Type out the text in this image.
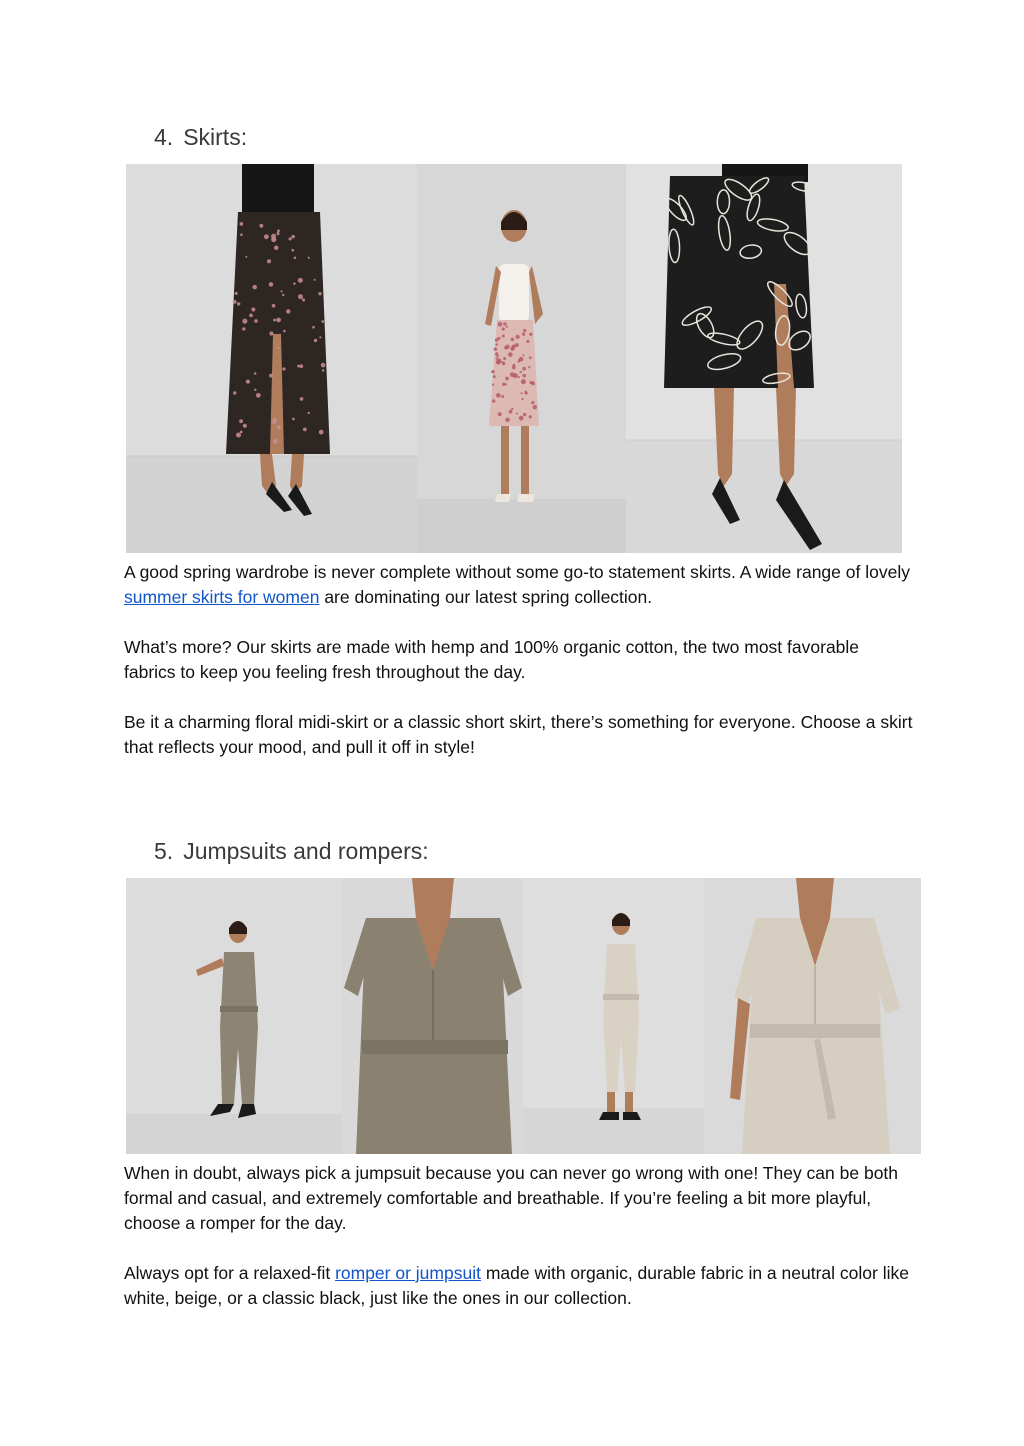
4. Skirts:

A good spring wardrobe is never complete without some go-to statement skirts. A wide range of lovely summer skirts for women are dominating our latest spring collection.

What’s more? Our skirts are made with hemp and 100% organic cotton, the two most favorable fabrics to keep you feeling fresh throughout the day.

Be it a charming floral midi-skirt or a classic short skirt, there’s something for everyone. Choose a skirt that reflects your mood, and pull it off in style!

5. Jumpsuits and rompers:

When in doubt, always pick a jumpsuit because you can never go wrong with one! They can be both formal and casual, and extremely comfortable and breathable. If you’re feeling a bit more playful, choose a romper for the day.

Always opt for a relaxed-fit romper or jumpsuit made with organic, durable fabric in a neutral color like white, beige, or a classic black, just like the ones in our collection.
